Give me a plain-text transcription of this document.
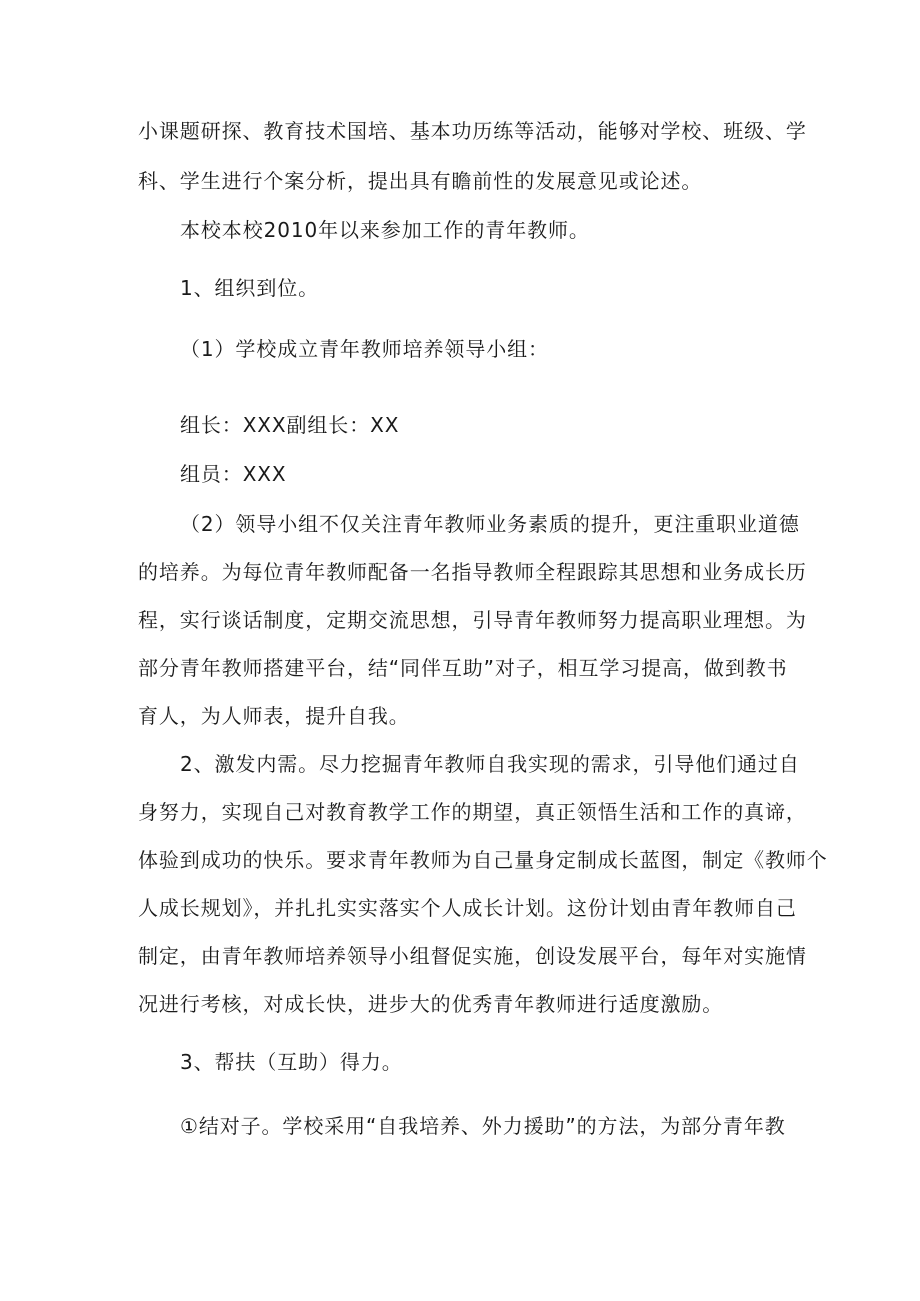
小课题研探、教育技术国培、基本功历练等活动，能够对学校、班级、学

科、学生进行个案分析，提出具有瞻前性的发展意见或论述。

本校本校2010年以来参加工作的青年教师。

1、组织到位。

（1）学校成立青年教师培养领导小组：

组长：XXX副组长：XX

组员：XXX

（2）领导小组不仅关注青年教师业务素质的提升，更注重职业道德

的培养。为每位青年教师配备一名指导教师全程跟踪其思想和业务成长历

程，实行谈话制度，定期交流思想，引导青年教师努力提高职业理想。为

部分青年教师搭建平台，结“同伴互助”对子，相互学习提高，做到教书

育人，为人师表，提升自我。

2、激发内需。尽力挖掘青年教师自我实现的需求，引导他们通过自

身努力，实现自己对教育教学工作的期望，真正领悟生活和工作的真谛，

体验到成功的快乐。要求青年教师为自己量身定制成长蓝图，制定《教师个

人成长规划》，并扎扎实实落实个人成长计划。这份计划由青年教师自己

制定，由青年教师培养领导小组督促实施，创设发展平台，每年对实施情

况进行考核，对成长快，进步大的优秀青年教师进行适度激励。

3、帮扶（互助）得力。

①结对子。学校采用“自我培养、外力援助”的方法，为部分青年教
